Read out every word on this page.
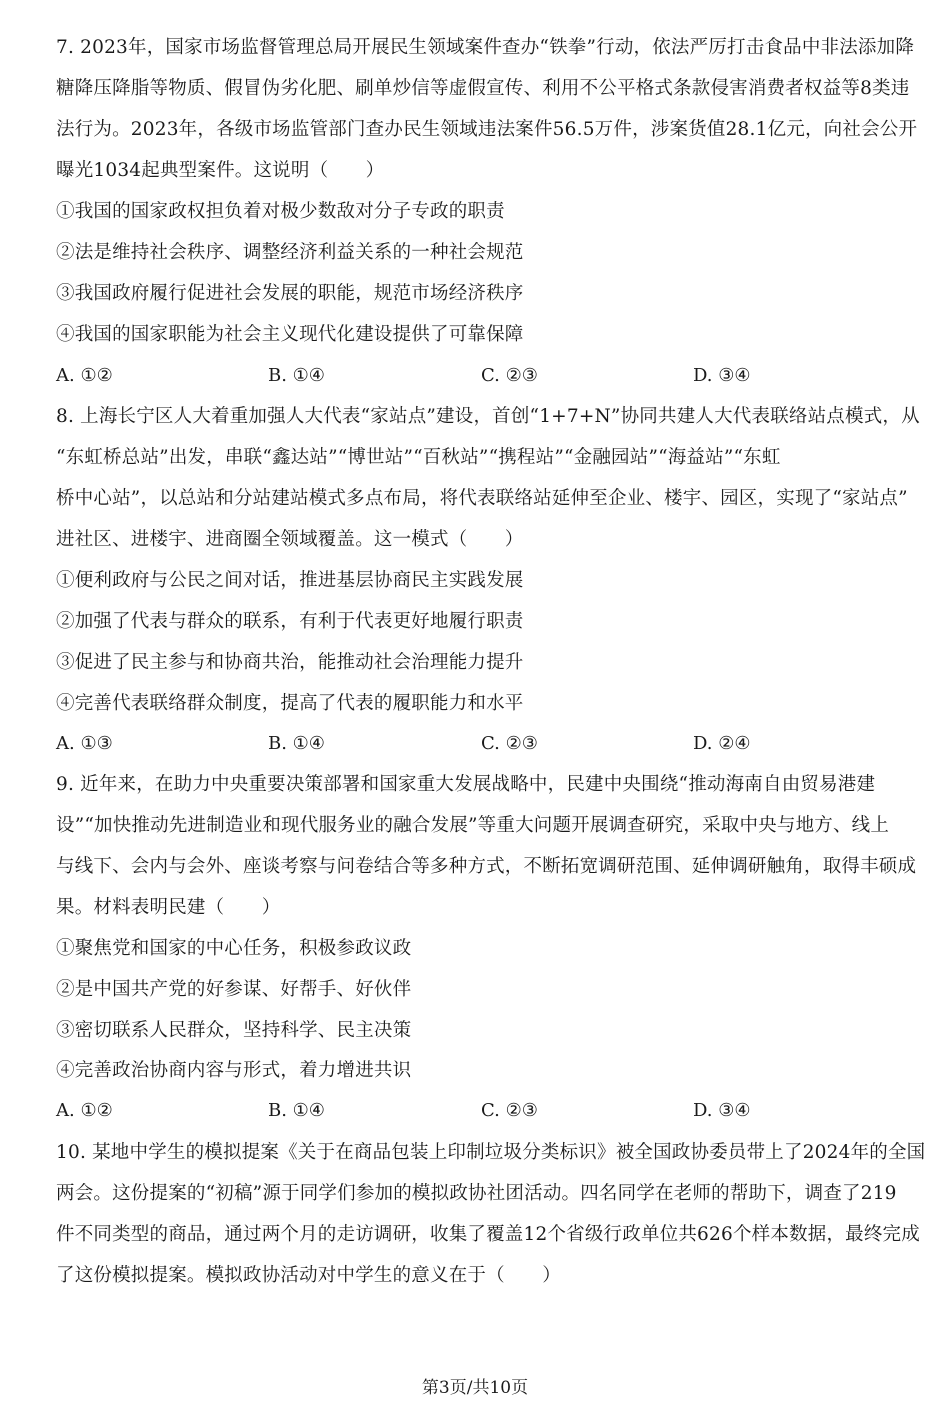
7. 2023年，国家市场监督管理总局开展民生领域案件查办“铁拳”行动，依法严厉打击食品中非法添加降
糖降压降脂等物质、假冒伪劣化肥、刷单炒信等虚假宣传、利用不公平格式条款侵害消费者权益等8类违
法行为。2023年，各级市场监管部门查办民生领域违法案件56.5万件，涉案货值28.1亿元，向社会公开
曝光1034起典型案件。这说明（　　）
①我国的国家政权担负着对极少数敌对分子专政的职责
②法是维持社会秩序、调整经济利益关系的一种社会规范
③我国政府履行促进社会发展的职能，规范市场经济秩序
④我国的国家职能为社会主义现代化建设提供了可靠保障
A. ①②	B. ①④	C. ②③	D. ③④
8. 上海长宁区人大着重加强人大代表“家站点”建设，首创“1+7+N”协同共建人大代表联络站点模式，从
“东虹桥总站”出发，串联“鑫达站”“博世站”“百秋站”“携程站”“金融园站”“海益站”“东虹
桥中心站”，以总站和分站建站模式多点布局，将代表联络站延伸至企业、楼宇、园区，实现了“家站点”
进社区、进楼宇、进商圈全领域覆盖。这一模式（　　）
①便利政府与公民之间对话，推进基层协商民主实践发展
②加强了代表与群众的联系，有利于代表更好地履行职责
③促进了民主参与和协商共治，能推动社会治理能力提升
④完善代表联络群众制度，提高了代表的履职能力和水平
A. ①③	B. ①④	C. ②③	D. ②④
9. 近年来，在助力中央重要决策部署和国家重大发展战略中，民建中央围绕“推动海南自由贸易港建
设”“加快推动先进制造业和现代服务业的融合发展”等重大问题开展调查研究，采取中央与地方、线上
与线下、会内与会外、座谈考察与问卷结合等多种方式，不断拓宽调研范围、延伸调研触角，取得丰硕成
果。材料表明民建（　　）
①聚焦党和国家的中心任务，积极参政议政
②是中国共产党的好参谋、好帮手、好伙伴
③密切联系人民群众，坚持科学、民主决策
④完善政治协商内容与形式，着力增进共识
A. ①②	B. ①④	C. ②③	D. ③④
10. 某地中学生的模拟提案《关于在商品包装上印制垃圾分类标识》被全国政协委员带上了2024年的全国
两会。这份提案的“初稿”源于同学们参加的模拟政协社团活动。四名同学在老师的帮助下，调查了219
件不同类型的商品，通过两个月的走访调研，收集了覆盖12个省级行政单位共626个样本数据，最终完成
了这份模拟提案。模拟政协活动对中学生的意义在于（　　）
第3页/共10页
